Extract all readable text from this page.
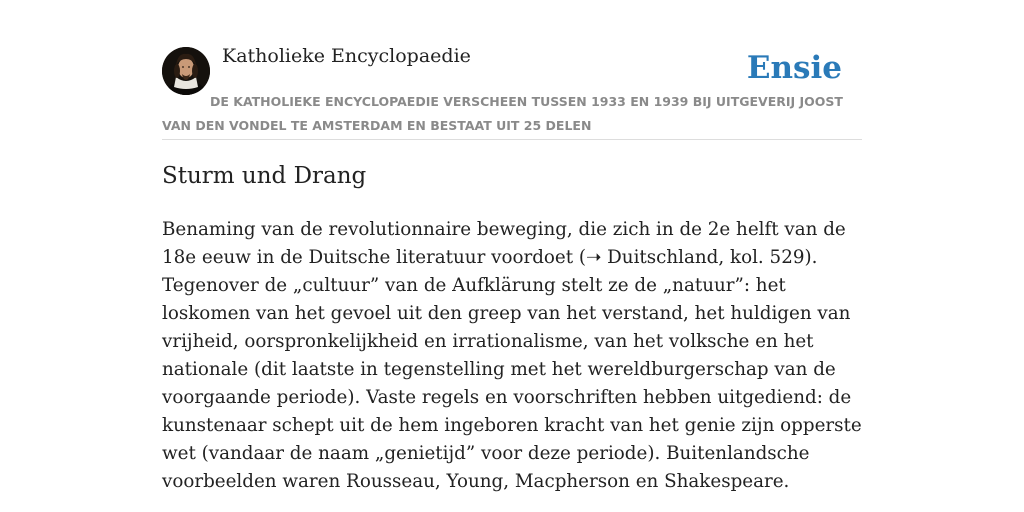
Katholieke Encyclopaedie	Ensie
DE KATHOLIEKE ENCYCLOPAEDIE VERSCHEEN TUSSEN 1933 EN 1939 BIJ UITGEVERIJ JOOST VAN DEN VONDEL TE AMSTERDAM EN BESTAAT UIT 25 DELEN
Sturm und Drang

Benaming van de revolutionnaire beweging, die zich in de 2e helft van de 18e eeuw in de Duitsche literatuur voordoet (➝ Duitschland, kol. 529). Tegenover de „cultuur” van de Aufklärung stelt ze de „natuur”: het loskomen van het gevoel uit den greep van het verstand, het huldigen van vrijheid, oorspronkelijkheid en irrationalisme, van het volksche en het nationale (dit laatste in tegenstelling met het wereldburgerschap van de voorgaande periode). Vaste regels en voorschriften hebben uitgediend: de kunstenaar schept uit de hem ingeboren kracht van het genie zijn opperste wet (vandaar de naam „genietijd” voor deze periode). Buitenlandsche voorbeelden waren Rousseau, Young, Macpherson en Shakespeare.
